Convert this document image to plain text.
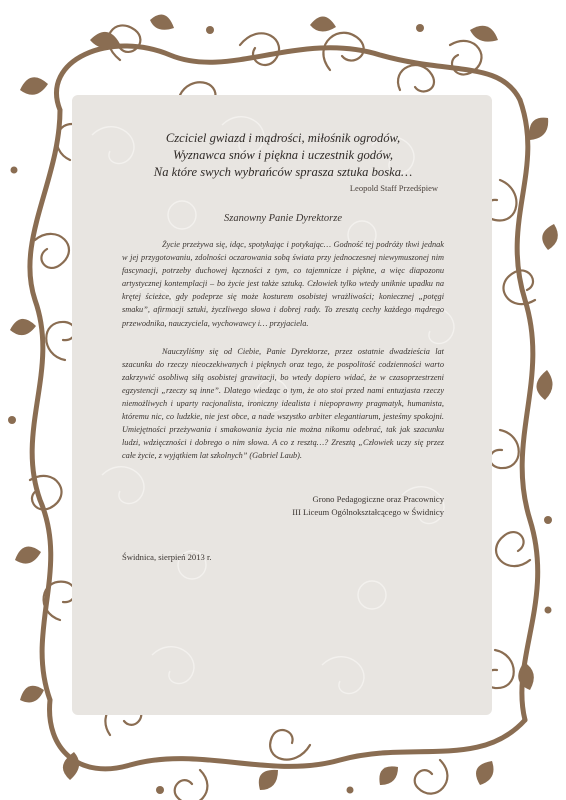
Czciciel gwiazd i mądrości, miłośnik ogrodów,
Wyznawca snów i piękna i uczestnik godów,
Na które swych wybrańców sprasza sztuka boska…
Leopold Staff Przedśpiew
Szanowny Panie Dyrektorze

Życie przeżywa się, idąc, spotykając i potykając… Godność tej podróży tkwi jednak w jej przygotowaniu, zdolności oczarowania sobą świata przy jednoczesnej niewymuszonej nim fascynacji, potrzeby duchowej łączności z tym, co tajemnicze i piękne, a więc diapozonu artystycznej kontemplacji – bo życie jest także sztuką. Człowiek tylko wtedy uniknie upadku na krętej ścieżce, gdy podeprze się może kosturem osobistej wrażliwości; koniecznej „potęgi smaku”, afirmacji sztuki, życzliwego słowa i dobrej rady. To zresztą cechy każdego mądrego przewodnika, nauczyciela, wychowawcy i… przyjaciela.

Nauczyliśmy się od Ciebie, Panie Dyrektorze, przez ostatnie dwadzieścia lat szacunku do rzeczy nieoczekiwanych i pięknych oraz tego, że pospolitość codzienności warto zakrzywić osobliwą siłą osobistej grawitacji, bo wtedy dopiero widać, że w czasoprzestrzeni egzystencji „rzeczy są inne”. Dlatego wiedząc o tym, że oto stoi przed nami entuzjasta rzeczy niemożliwych i uparty racjonalista, ironiczny idealista i niepoprawny pragmatyk, humanista, któremu nic, co ludzkie, nie jest obce, a nade wszystko arbiter elegantiarum, jesteśmy spokojni. Umiejętności przeżywania i smakowania życia nie można nikomu odebrać, tak jak szacunku ludzi, wdzięczności i dobrego o nim słowa. A co z resztą…? Zresztą „Człowiek uczy się przez całe życie, z wyjątkiem lat szkolnych” (Gabriel Laub).

Grono Pedagogiczne oraz Pracownicy
III Liceum Ogólnokształcącego w Świdnicy
Świdnica, sierpień 2013 r.
